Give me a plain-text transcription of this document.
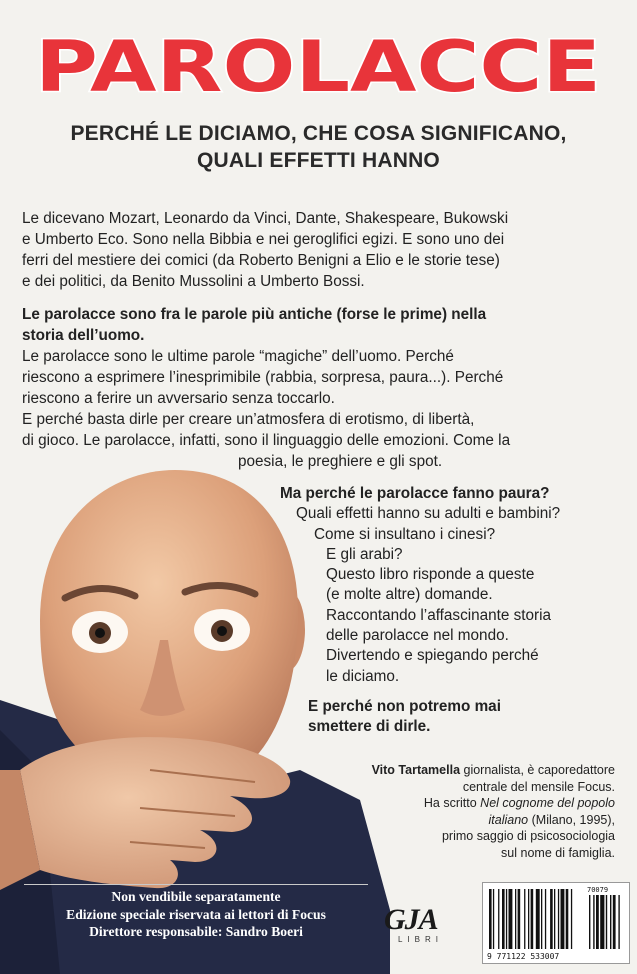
PAROLACCE
PERCHÉ LE DICIAMO, CHE COSA SIGNIFICANO,
QUALI EFFETTI HANNO

Le dicevano Mozart, Leonardo da Vinci, Dante, Shakespeare, Bukowski
e Umberto Eco. Sono nella Bibbia e nei geroglifici egizi. E sono uno dei
ferri del mestiere dei comici (da Roberto Benigni a Elio e le storie tese)
e dei politici, da Benito Mussolini a Umberto Bossi.

Le parolacce sono fra le parole più antiche (forse le prime) nella
storia dell’uomo.
Le parolacce sono le ultime parole “magiche” dell’uomo. Perché
riescono a esprimere l’inesprimibile (rabbia, sorpresa, paura...). Perché
riescono a ferire un avversario senza toccarlo.
E perché basta dirle per creare un’atmosfera di erotismo, di libertà,
di gioco. Le parolacce, infatti, sono il linguaggio delle emozioni. Come la
poesia, le preghiere e gli spot.

Ma perché le parolacce fanno paura?
Quali effetti hanno su adulti e bambini?
Come si insultano i cinesi?
E gli arabi?
Questo libro risponde a queste
(e molte altre) domande.
Raccontando l’affascinante storia
delle parolacce nel mondo.
Divertendo e spiegando perché
le diciamo.
E perché non potremo mai
smettere di dirle.
Vito Tartamella giornalista, è caporedattore
centrale del mensile Focus.
Ha scritto Nel cognome del popolo
italiano (Milano, 1995),
primo saggio di psicosociologia
sul nome di famiglia.
Non vendibile separatamente
Edizione speciale riservata ai lettori di Focus
Direttore responsabile: Sandro Boeri	GJA
LIBRI
9 771122 533007
70079
